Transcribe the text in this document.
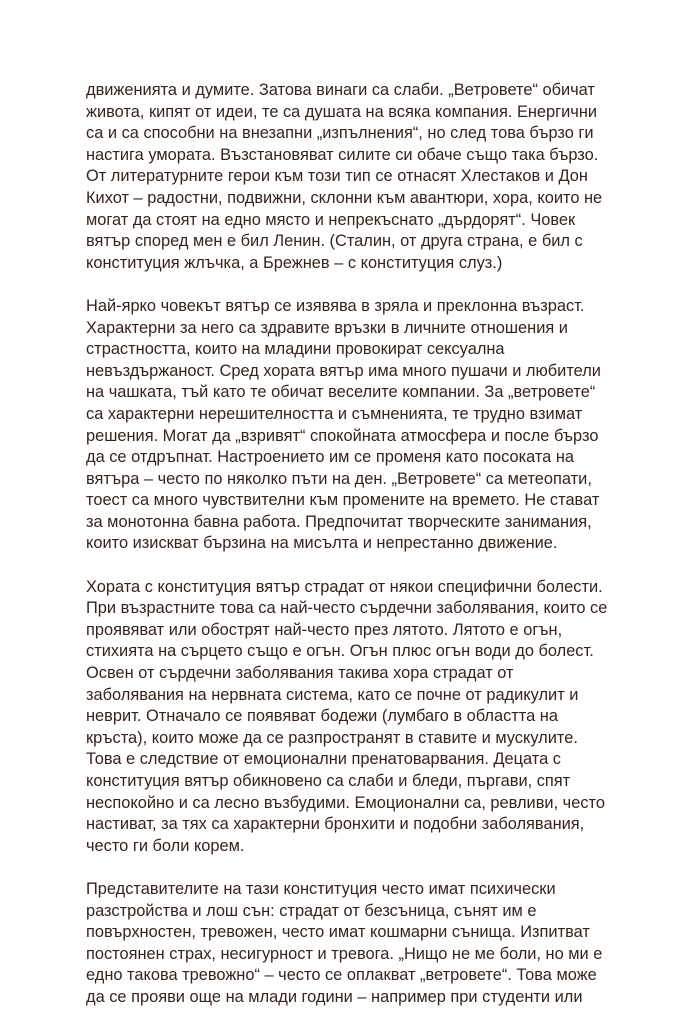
движенията и думите. Затова винаги са слаби. „Ветровете“ обичат
живота, кипят от идеи, те са душата на всяка компания. Енергични
са и са способни на внезапни „изпълнения“, но след това бързо ги
настига умората. Възстановяват силите си обаче също така бързо.
От литературните герои към този тип се отнасят Хлестаков и Дон
Кихот – радостни, подвижни, склонни към авантюри, хора, които не
могат да стоят на едно място и непрекъснато „дърдорят“. Човек
вятър според мен е бил Ленин. (Сталин, от друга страна, е бил с
конституция жлъчка, а Брежнев – с конституция слуз.)
Най-ярко човекът вятър се изявява в зряла и преклонна възраст.
Характерни за него са здравите връзки в личните отношения и
страстността, които на младини провокират сексуална
невъздържаност. Сред хората вятър има много пушачи и любители
на чашката, тъй като те обичат веселите компании. За „ветровете“
са характерни нерешителността и съмненията, те трудно взимат
решения. Могат да „взривят“ спокойната атмосфера и после бързо
да се отдръпнат. Настроението им се променя като посоката на
вятъра – често по няколко пъти на ден. „Ветровете“ са метеопати,
тоест са много чувствителни към промените на времето. Не стават
за монотонна бавна работа. Предпочитат творческите занимания,
които изискват бързина на мисълта и непрестанно движение.
Хората с конституция вятър страдат от някои специфични болести.
При възрастните това са най-често сърдечни заболявания, които се
проявяват или обострят най-често през лятото. Лятото е огън,
стихията на сърцето също е огън. Огън плюс огън води до болест.
Освен от сърдечни заболявания такива хора страдат от
заболявания на нервната система, като се почне от радикулит и
неврит. Отначало се появяват бодежи (лумбаго в областта на
кръста), които може да се разпространят в ставите и мускулите.
Това е следствие от емоционални пренатоварвания. Децата с
конституция вятър обикновено са слаби и бледи, пъргави, спят
неспокойно и са лесно възбудими. Емоционални са, ревливи, често
настиват, за тях са характерни бронхити и подобни заболявания,
често ги боли корем.
Представителите на тази конституция често имат психически
разстройства и лош сън: страдат от безсъница, сънят им е
повърхностен, тревожен, често имат кошмарни сънища. Изпитват
постоянен страх, несигурност и тревога. „Нищо не ме боли, но ми е
едно такова тревожно“ – често се оплакват „ветровете“. Това може
да се прояви още на млади години – например при студенти или
